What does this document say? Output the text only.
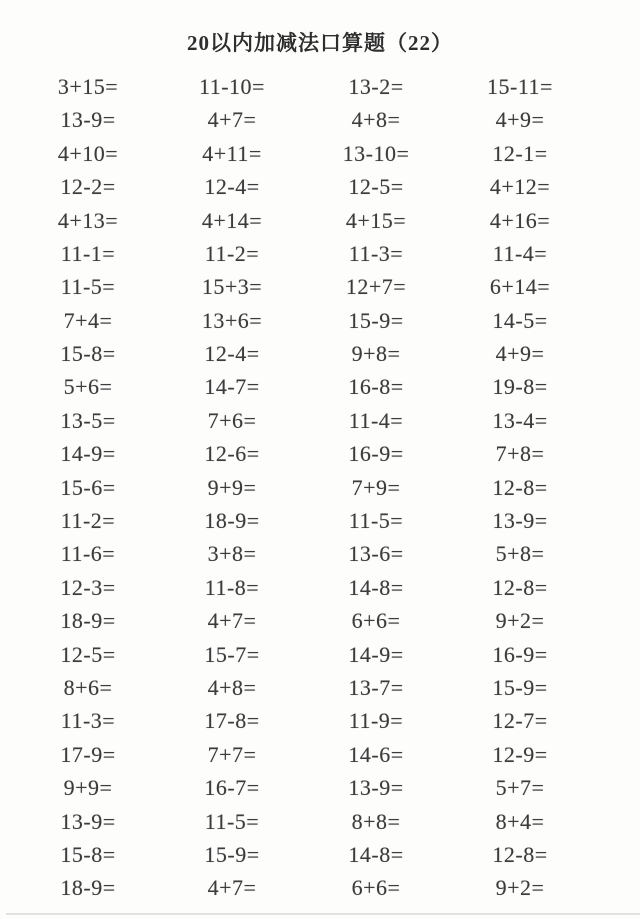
20以内加减法口算题（22）
3+15=	11-10=	13-2=	15-11=
13-9=	4+7=	4+8=	4+9=
4+10=	4+11=	13-10=	12-1=
12-2=	12-4=	12-5=	4+12=
4+13=	4+14=	4+15=	4+16=
11-1=	11-2=	11-3=	11-4=
11-5=	15+3=	12+7=	6+14=
7+4=	13+6=	15-9=	14-5=
15-8=	12-4=	9+8=	4+9=
5+6=	14-7=	16-8=	19-8=
13-5=	7+6=	11-4=	13-4=
14-9=	12-6=	16-9=	7+8=
15-6=	9+9=	7+9=	12-8=
11-2=	18-9=	11-5=	13-9=
11-6=	3+8=	13-6=	5+8=
12-3=	11-8=	14-8=	12-8=
18-9=	4+7=	6+6=	9+2=
12-5=	15-7=	14-9=	16-9=
8+6=	4+8=	13-7=	15-9=
11-3=	17-8=	11-9=	12-7=
17-9=	7+7=	14-6=	12-9=
9+9=	16-7=	13-9=	5+7=
13-9=	11-5=	8+8=	8+4=
15-8=	15-9=	14-8=	12-8=
18-9=	4+7=	6+6=	9+2=
